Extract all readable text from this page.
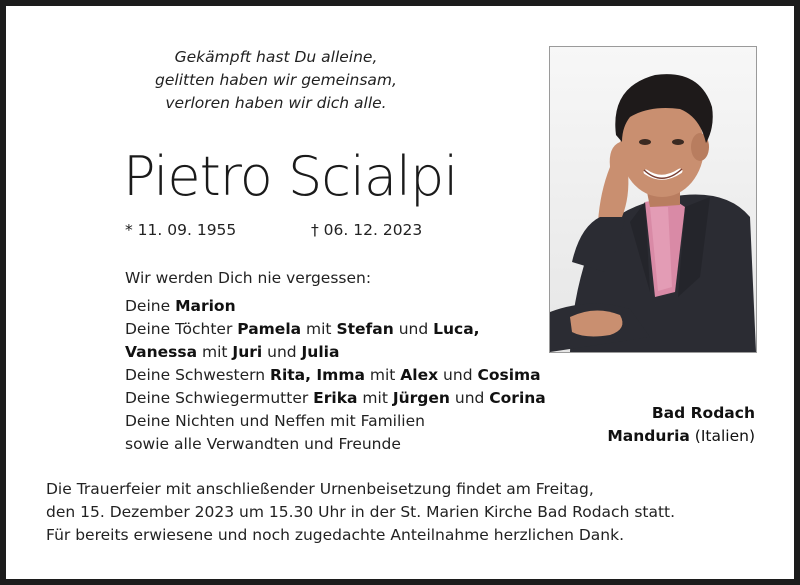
Gekämpft hast Du alleine,
gelitten haben wir gemeinsam,
verloren haben wir dich alle.
Pietro Scialpi
* 11. 09. 1955	† 06. 12. 2023
Wir werden Dich nie vergessen:
Deine Marion
Deine Töchter Pamela mit Stefan und Luca,
Vanessa mit Juri und Julia
Deine Schwestern Rita, Imma mit Alex und Cosima
Deine Schwiegermutter Erika mit Jürgen und Corina
Deine Nichten und Neffen mit Familien
sowie alle Verwandten und Freunde
Bad Rodach
Manduria (Italien)
Die Trauerfeier mit anschließender Urnenbeisetzung findet am Freitag,
den 15. Dezember 2023 um 15.30 Uhr in der St. Marien Kirche Bad Rodach statt.
Für bereits erwiesene und noch zugedachte Anteilnahme herzlichen Dank.
